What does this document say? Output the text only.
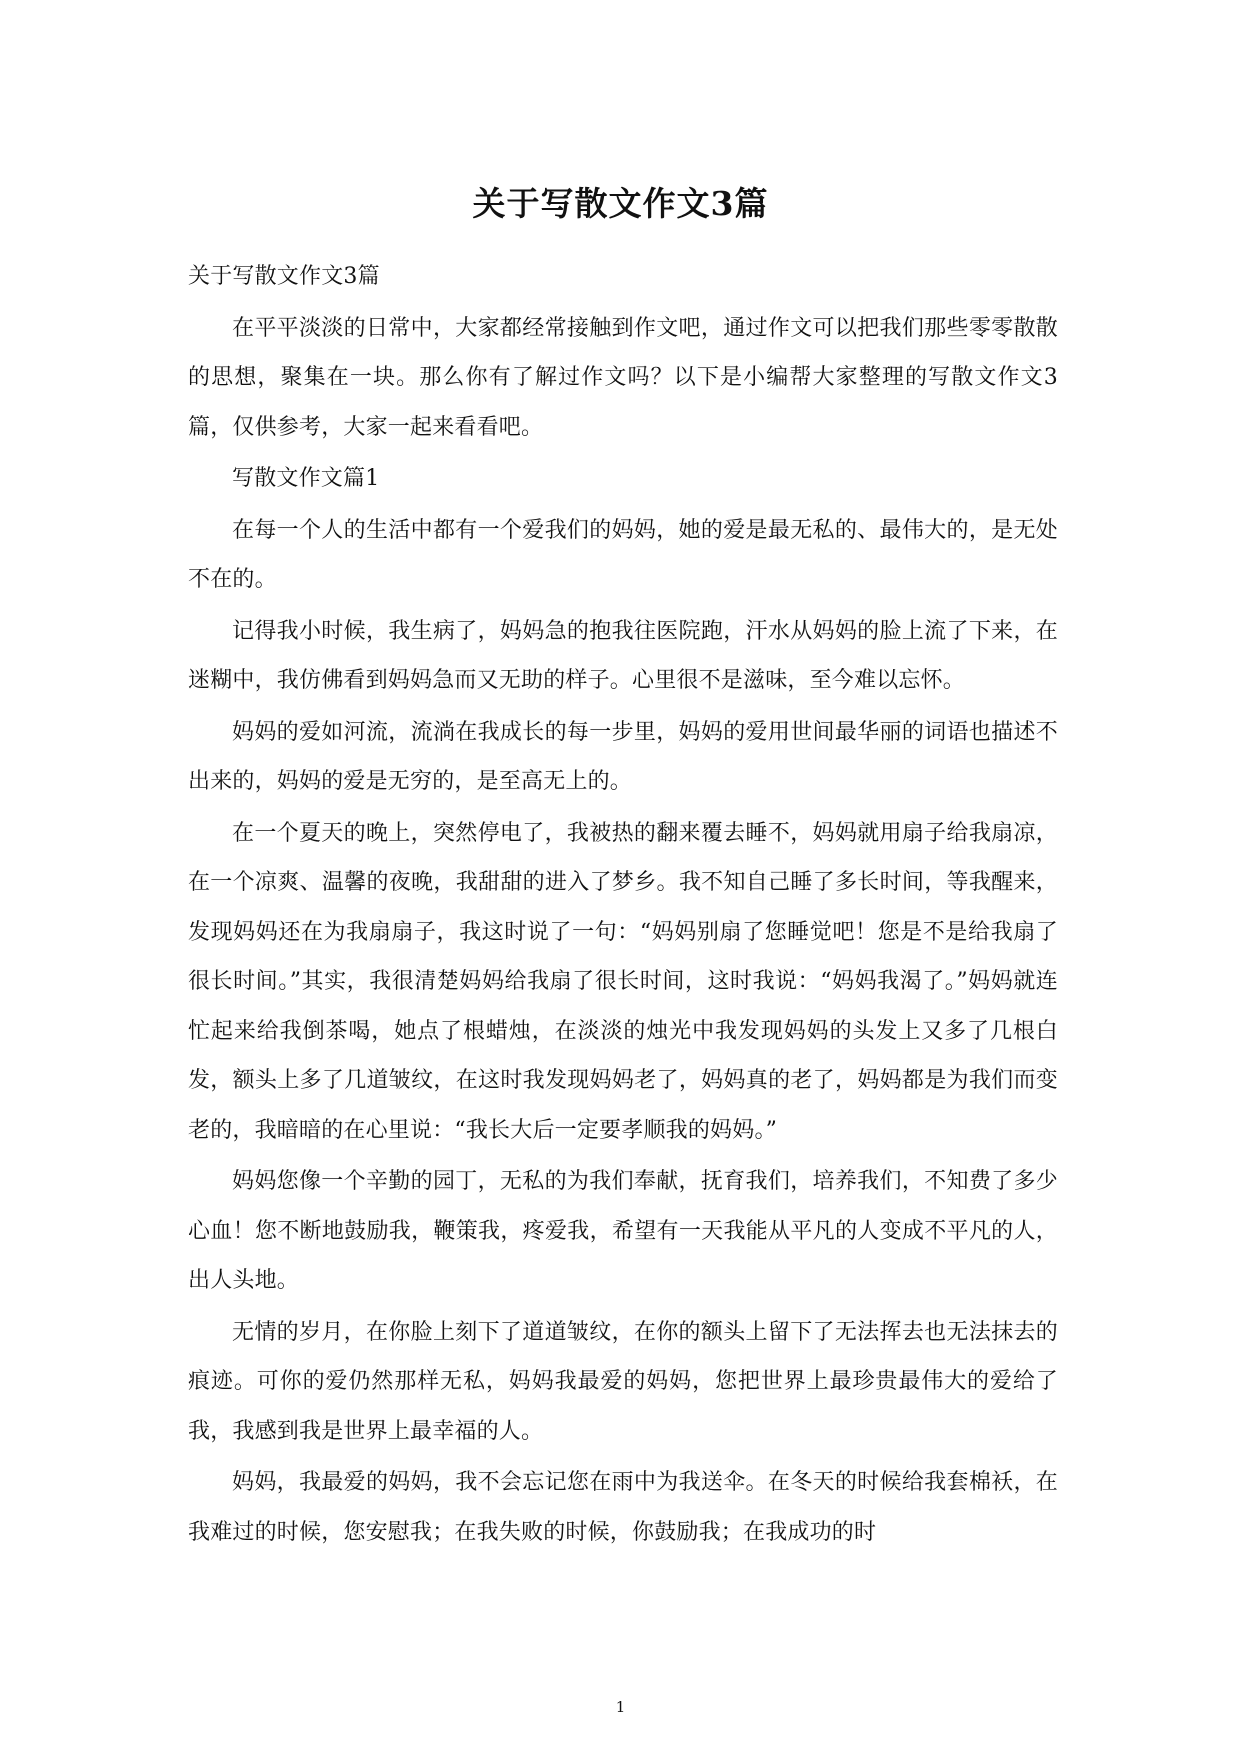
关于写散文作文3篇

关于写散文作文3篇

在平平淡淡的日常中，大家都经常接触到作文吧，通过作文可以把我们那些零零散散的思想，聚集在一块。那么你有了解过作文吗？以下是小编帮大家整理的写散文作文3篇，仅供参考，大家一起来看看吧。

写散文作文篇1

在每一个人的生活中都有一个爱我们的妈妈，她的爱是最无私的、最伟大的，是无处不在的。

记得我小时候，我生病了，妈妈急的抱我往医院跑，汗水从妈妈的脸上流了下来，在迷糊中，我仿佛看到妈妈急而又无助的样子。心里很不是滋味，至今难以忘怀。

妈妈的爱如河流，流淌在我成长的每一步里，妈妈的爱用世间最华丽的词语也描述不出来的，妈妈的爱是无穷的，是至高无上的。

在一个夏天的晚上，突然停电了，我被热的翻来覆去睡不，妈妈就用扇子给我扇凉，在一个凉爽、温馨的夜晚，我甜甜的进入了梦乡。我不知自己睡了多长时间，等我醒来，发现妈妈还在为我扇扇子，我这时说了一句：“妈妈别扇了您睡觉吧！您是不是给我扇了很长时间。”其实，我很清楚妈妈给我扇了很长时间，这时我说：“妈妈我渴了。”妈妈就连忙起来给我倒茶喝，她点了根蜡烛，在淡淡的烛光中我发现妈妈的头发上又多了几根白发，额头上多了几道皱纹，在这时我发现妈妈老了，妈妈真的老了，妈妈都是为我们而变老的，我暗暗的在心里说：“我长大后一定要孝顺我的妈妈。”

妈妈您像一个辛勤的园丁，无私的为我们奉献，抚育我们，培养我们，不知费了多少心血！您不断地鼓励我，鞭策我，疼爱我，希望有一天我能从平凡的人变成不平凡的人，出人头地。

无情的岁月，在你脸上刻下了道道皱纹，在你的额头上留下了无法挥去也无法抹去的痕迹。可你的爱仍然那样无私，妈妈我最爱的妈妈，您把世界上最珍贵最伟大的爱给了我，我感到我是世界上最幸福的人。

妈妈，我最爱的妈妈，我不会忘记您在雨中为我送伞。在冬天的时候给我套棉袄，在我难过的时候，您安慰我；在我失败的时候，你鼓励我；在我成功的时

1
